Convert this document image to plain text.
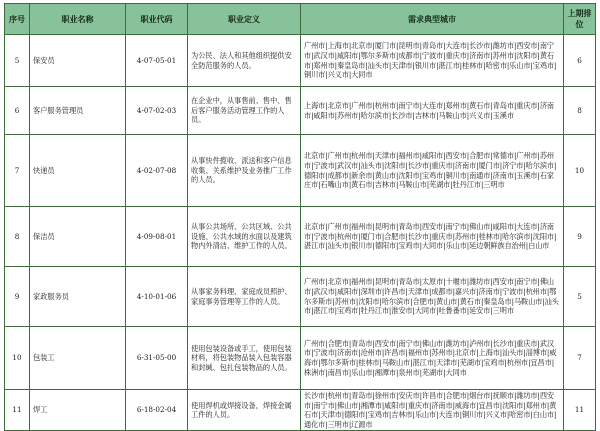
序号	职业名称	职业代码	职业定义	需求典型城市	上期排位
5	保安员	4-07-05-01	为公民、法人和其他组织提供安全防范服务的人员。	广州市|上海市|北京市|厦门市|昆明市|青岛市|大连市|长沙市|潍坊市|西安市|南宁市|武汉市|咸阳市|鄂尔多斯市|成都市|宁波市|重庆市|济南市|苏州市|沈阳市|黄石市|郑州市|秦皇岛市|汕头市|天津市|银川市|湛江市|桂林市|哈密市|乐山市|宝鸡市|铜川市|兴义市|大同市	6
6	客户服务管理员	4-07-02-03	在企业中，从事售前、售中、售后客户服务活动管理工作的人员。	上海市|北京市|广州市|杭州市|南宁市|大连市|郑州市|黄石市|青岛市|重庆市|济南市|咸阳市|苏州市|哈尔滨市|长沙市|吉林市|马鞍山市|兴义市|玉溪市	8
7	快递员	4-02-07-08	从事快件揽收、派送和客户信息收集、关系维护及业务推广工作的人员。	北京市|广州市|杭州市|天津市|福州市|咸阳市|西安市|合肥市|常德市|广州市|苏州市|宁波市|武汉市|汕头市|沈阳市|长沙市|重庆市|济南市|厦门市|济宁市|哈尔滨市|德阳市|成都市|新余市|黄山市|沈阳市|宝鸡市|铜川市|南通市|济南市|玉溪市|石家庄市|石嘴山市|黄石市|吉林市|马鞍山市|芜湖市|牡丹江市|三明市	10
8	保洁员	4-09-08-01	从事公共场所、公共区域、公共设施、公共水域的水面以及建筑物内外清洁、维护工作的人员。	北京市|广州市|福州市|昆明市|青岛市|西安市|南宁市|佛山市|咸阳市|大连市|济南市|宁波市|杭州市|厦门市|合肥市|长沙市|重庆市|苏州市|桂林市|哈尔滨市|沈阳市|湛江市|汕头市|银川市|德阳市|宝鸡市|大同市|乐山市|延边朝鲜族自治州|白山市	9
9	家政服务员	4-10-01-06	从事家务料理、家庭成员照护、家庭事务管理等工作的人员。	广州市|北京市|福州市|昆明市|青岛市|太原市|十堰市|潍坊市|西安市|南宁市|佛山市|武汉市|咸阳市|深圳市|许昌市|天津市|成都市|嘉兴市|济南市|宁波市|杭州市|鄂尔多斯市|苏州市|沈阳市|哈尔滨市|合肥市|黄山市|黄石市|秦皇岛市|马鞍山市|汕头市|湛江市|宝鸡市|牡丹江市|淮安市|大同市|吐鲁番市|延安市|三明市	5
10	包装工	6-31-05-00	使用包装设备或手工，使用包装材料，将包装物品装入包装容器和封缄、包扎包装物品的人员。	广州市|合肥市|青岛市|西安市|南宁市|佛山市|潍坊市|泸州市|长沙市|重庆市|武汉市|宁波市|济南市|沧州市|许昌市|福州市|苏州市|北京市|上海市|汕头市|淄博市|威海市|鄂尔多斯市|桂林市|马鞍山市|湛江市|天津市|芜湖市|宝鸡市|杭州市|宜昌市|株洲市|南昌市|乐山市|湘潭市|泉州市|芜湖市|大同市	7
11	焊工	6-18-02-04	使用焊机或焊接设备，焊接金属工件的人员。	长沙市|杭州市|青岛市|徐州市|安庆市|许昌市|合肥市|烟台市|抚顺市|潍坊市|西安市|南宁市|佛山市|湘潭市|咸阳市|重庆市|济南市|威海市|宜昌市|沈阳市|郑州市|黄石市|天津市|德阳市|宝鸡市|吉林市|乐山市|大连市|铜川市|兴义市|哈密市|白山市|通化市|三明市|辽源市	11
